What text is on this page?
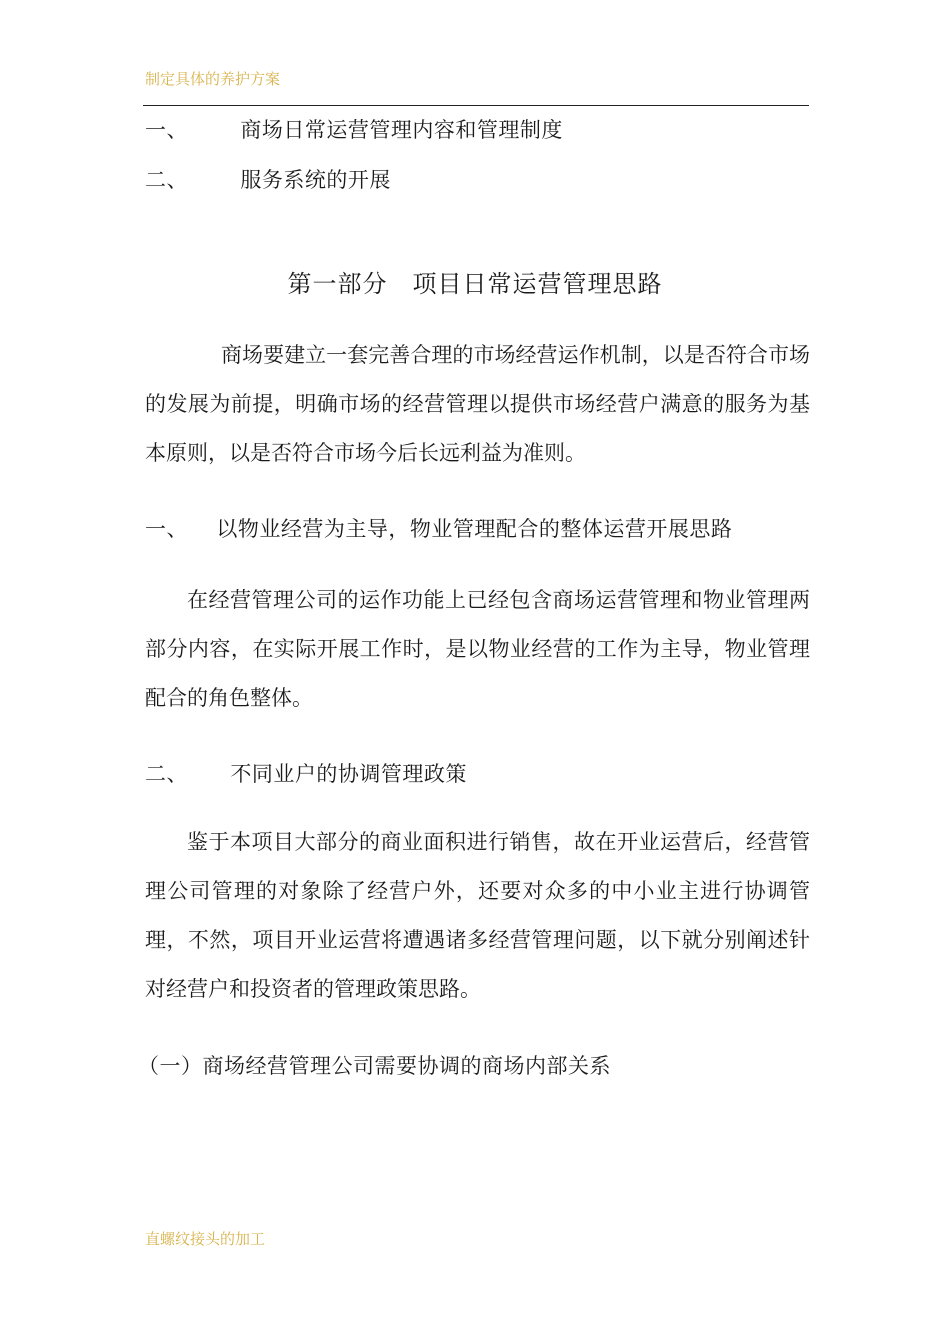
制定具体的养护方案
一、 商场日常运营管理内容和管理制度
二、 服务系统的开展
第一部分　项目日常运营管理思路
商场要建立一套完善合理的市场经营运作机制，以是否符合市场的发展为前提，明确市场的经营管理以提供市场经营户满意的服务为基本原则，以是否符合市场今后长远利益为准则。
一、 以物业经营为主导，物业管理配合的整体运营开展思路
在经营管理公司的运作功能上已经包含商场运营管理和物业管理两部分内容，在实际开展工作时，是以物业经营的工作为主导，物业管理配合的角色整体。
二、 不同业户的协调管理政策
鉴于本项目大部分的商业面积进行销售，故在开业运营后，经营管理公司管理的对象除了经营户外，还要对众多的中小业主进行协调管理，不然，项目开业运营将遭遇诸多经营管理问题，以下就分别阐述针对经营户和投资者的管理政策思路。
（一）商场经营管理公司需要协调的商场内部关系
直螺纹接头的加工
